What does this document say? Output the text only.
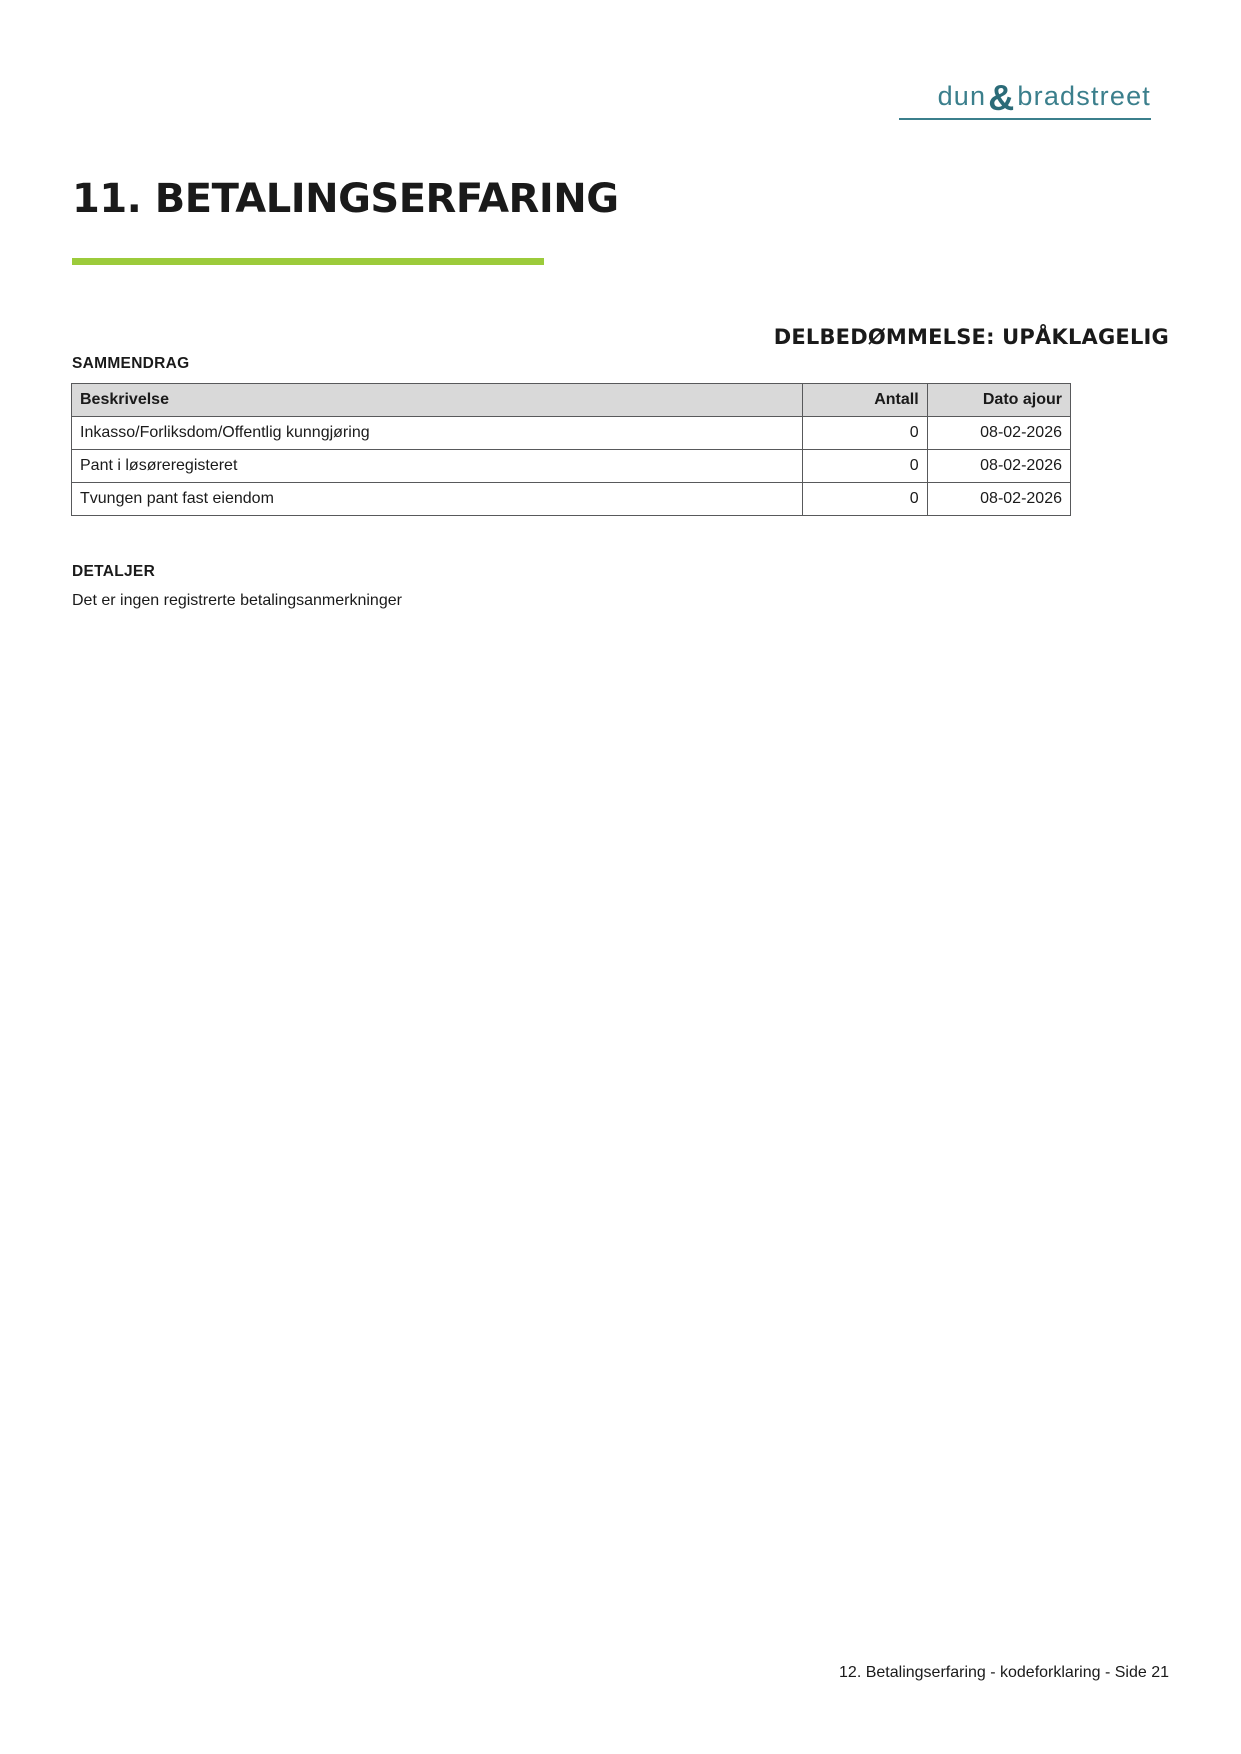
dun & bradstreet
11. BETALINGSERFARING
DELBEDØMMELSE: UPÅKLAGELIG
SAMMENDRAG
Beskrivelse	Antall	Dato ajour
Inkasso/Forliksdom/Offentlig kunngjøring	0	08-02-2026
Pant i løsøreregisteret	0	08-02-2026
Tvungen pant fast eiendom	0	08-02-2026
DETALJER
Det er ingen registrerte betalingsanmerkninger
12. Betalingserfaring - kodeforklaring - Side 21
